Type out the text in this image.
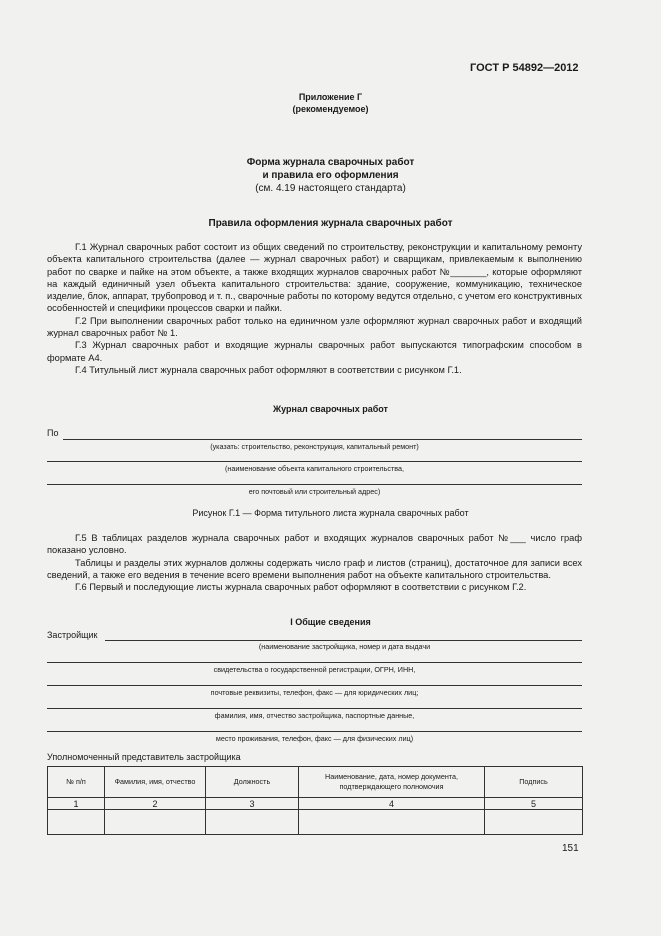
ГОСТ Р 54892—2012
Приложение Г
(рекомендуемое)
Форма журнала сварочных работ
и правила его оформления
(см. 4.19 настоящего стандарта)
Правила оформления журнала сварочных работ

Г.1 Журнал сварочных работ состоит из общих сведений по строительству, реконструкции и капитальному ремонту объекта капитального строительства (далее — журнал сварочных работ) и сварщикам, привлекаемым к выполнению работ по сварке и пайке на этом объекте, а также входящих журналов сварочных работ №_______, которые оформляют на каждый единичный узел объекта капитального строительства: здание, сооружение, коммуникацию, техническое изделие, блок, аппарат, трубопровод и т. п., сварочные работы по которому ведутся отдельно, с учетом его конструктивных особенностей и специфики процессов сварки и пайки.

Г.2 При выполнении сварочных работ только на единичном узле оформляют журнал сварочных работ и входящий журнал сварочных работ № 1.

Г.3 Журнал сварочных работ и входящие журналы сварочных работ выпускаются типографским способом в формате А4.

Г.4 Титульный лист журнала сварочных работ оформляют в соответствии с рисунком Г.1.

Журнал сварочных работ
По
(указать: строительство, реконструкция, капитальный ремонт)
(наименование объекта капитального строительства,
его почтовый или строительный адрес)
Рисунок Г.1 — Форма титульного листа журнала сварочных работ

Г.5 В таблицах разделов журнала сварочных работ и входящих журналов сварочных работ №___ число граф показано условно.

Таблицы и разделы этих журналов должны содержать число граф и листов (страниц), достаточное для записи всех сведений, а также его ведения в течение всего времени выполнения работ на объекте капитального строительства.

Г.6 Первый и последующие листы журнала сварочных работ оформляют в соответствии с рисунком Г.2.

I Общие сведения
Застройщик
(наименование застройщика, номер и дата выдачи
свидетельства о государственной регистрации, ОГРН, ИНН,
почтовые реквизиты, телефон, факс — для юридических лиц;
фамилия, имя, отчество застройщика, паспортные данные,
место проживания, телефон, факс — для физических лиц)
Уполномоченный представитель застройщика
№ п/п	Фамилия, имя, отчество	Должность	Наименование, дата, номер документа, подтверждающего полномочия	Подпись
1	2	3	4	5

151
